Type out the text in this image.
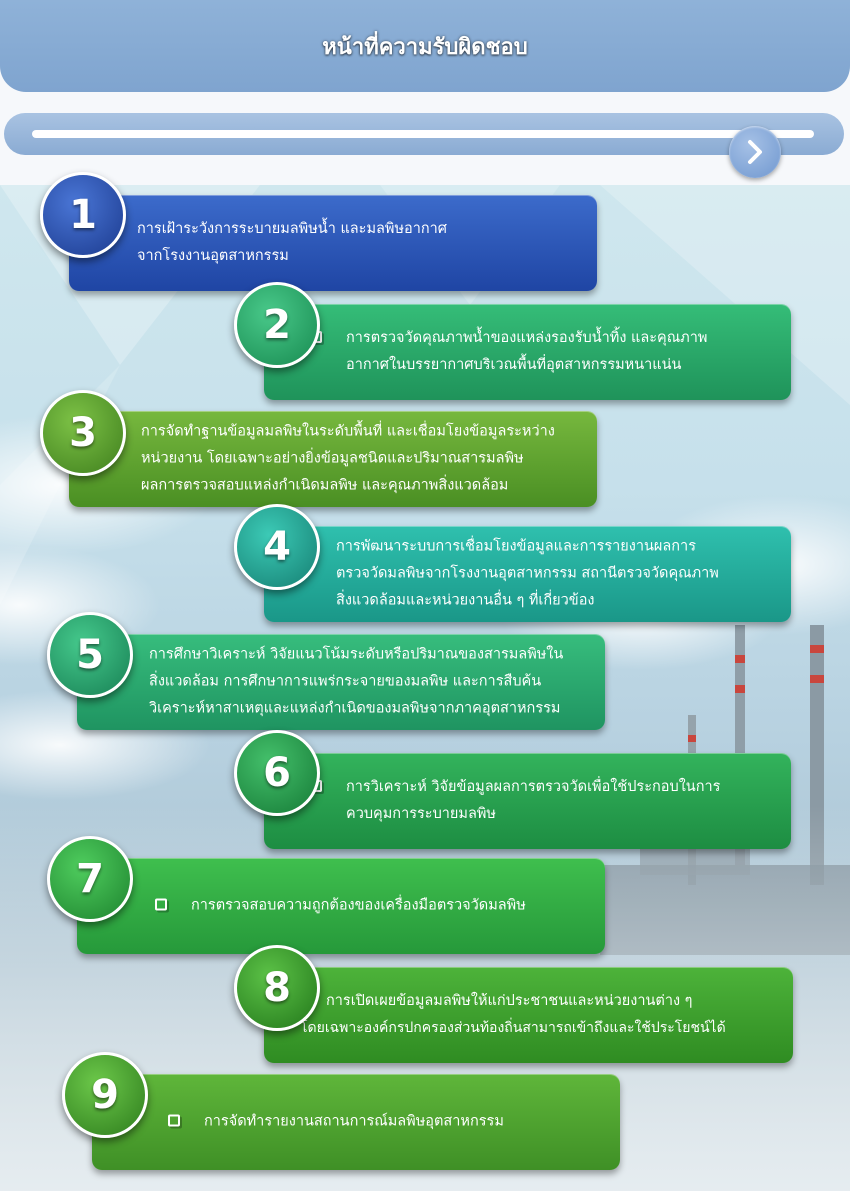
หน้าที่ความรับผิดชอบ

การเฝ้าระวังการระบายมลพิษน้ำ และมลพิษอากาศ
จากโรงงานอุตสาหกรรม

1

การตรวจวัดคุณภาพน้ำของแหล่งรองรับน้ำทิ้ง และคุณภาพ
อากาศในบรรยากาศบริเวณพื้นที่อุตสาหกรรมหนาแน่น

2

การจัดทำฐานข้อมูลมลพิษในระดับพื้นที่ และเชื่อมโยงข้อมูลระหว่าง
หน่วยงาน โดยเฉพาะอย่างยิ่งข้อมูลชนิดและปริมาณสารมลพิษ
ผลการตรวจสอบแหล่งกำเนิดมลพิษ และคุณภาพสิ่งแวดล้อม

3

การพัฒนาระบบการเชื่อมโยงข้อมูลและการรายงานผลการ
ตรวจวัดมลพิษจากโรงงานอุตสาหกรรม สถานีตรวจวัดคุณภาพ
สิ่งแวดล้อมและหน่วยงานอื่น ๆ ที่เกี่ยวข้อง

4

การศึกษาวิเคราะห์ วิจัยแนวโน้มระดับหรือปริมาณของสารมลพิษใน
สิ่งแวดล้อม การศึกษาการแพร่กระจายของมลพิษ และการสืบค้น
วิเคราะห์หาสาเหตุและแหล่งกำเนิดของมลพิษจากภาคอุตสาหกรรม

5

การวิเคราะห์ วิจัยข้อมูลผลการตรวจวัดเพื่อใช้ประกอบในการ
ควบคุมการระบายมลพิษ

6

การตรวจสอบความถูกต้องของเครื่องมือตรวจวัดมลพิษ

7

การเปิดเผยข้อมูลมลพิษให้แก่ประชาชนและหน่วยงานต่าง ๆ
โดยเฉพาะองค์กรปกครองส่วนท้องถิ่นสามารถเข้าถึงและใช้ประโยชน์ได้

8

การจัดทำรายงานสถานการณ์มลพิษอุตสาหกรรม

9
